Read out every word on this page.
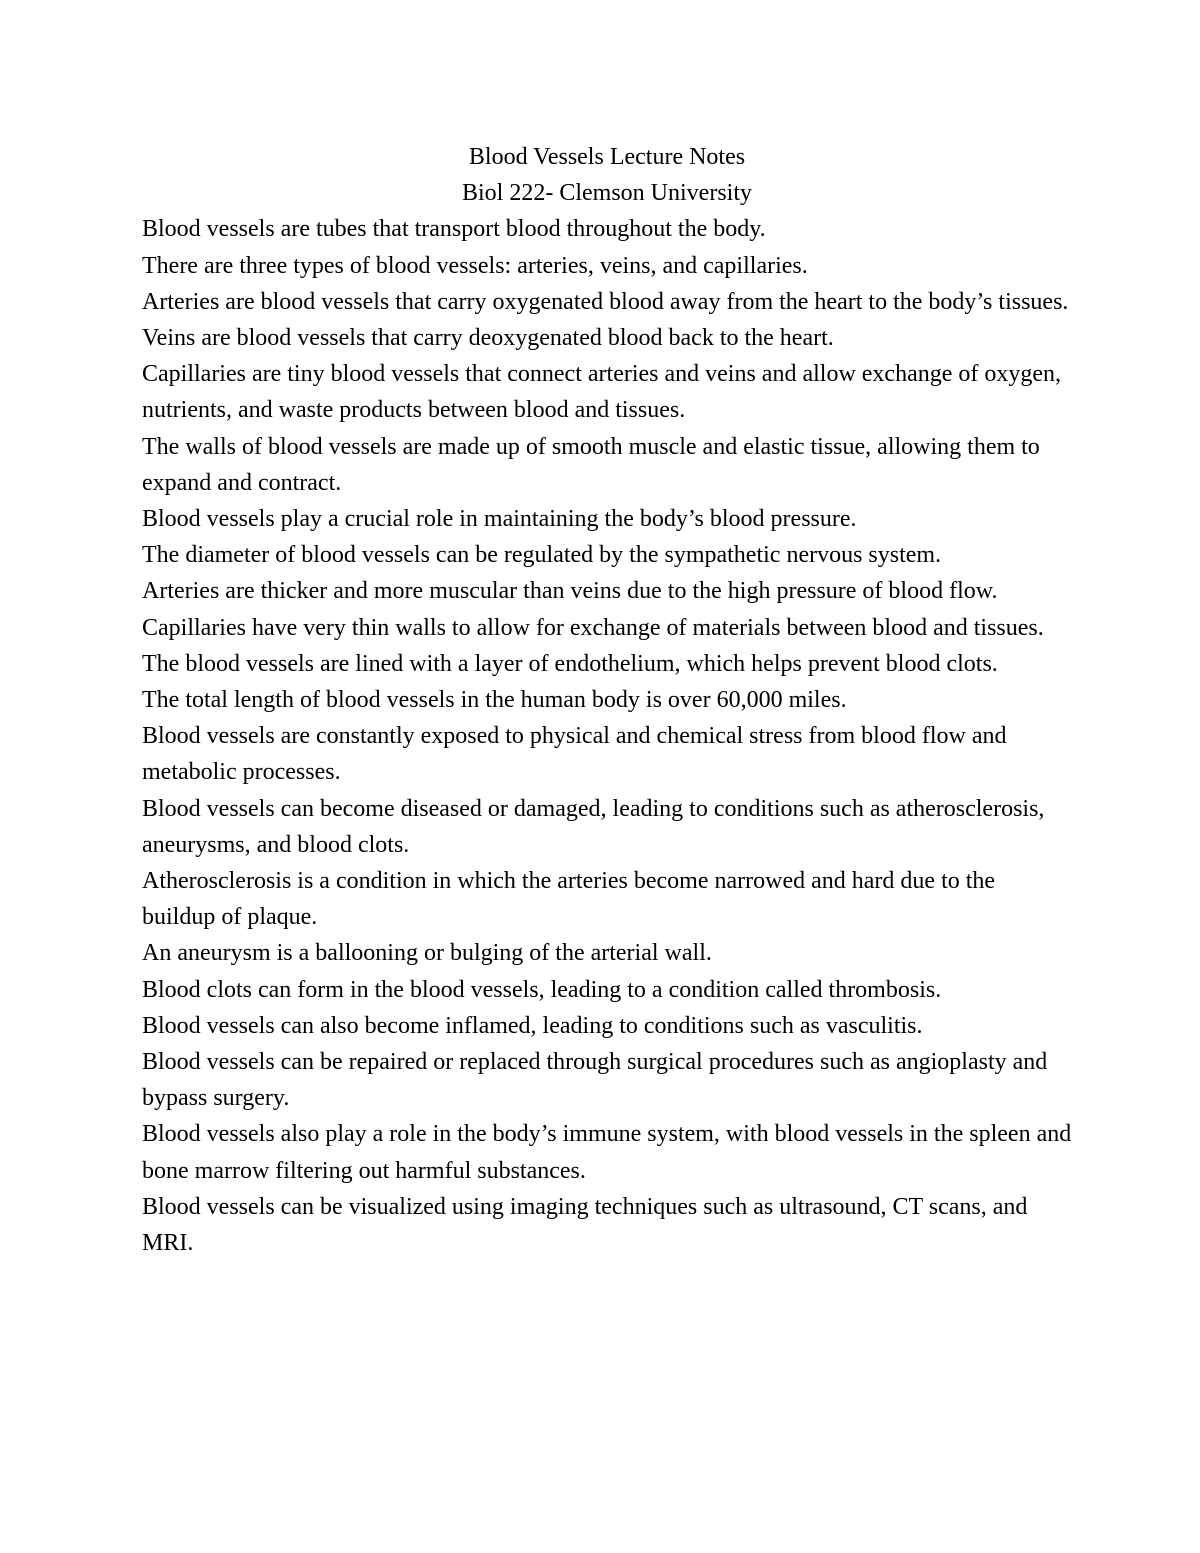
Blood Vessels Lecture Notes

Biol 222- Clemson University

Blood vessels are tubes that transport blood throughout the body.

There are three types of blood vessels: arteries, veins, and capillaries.

Arteries are blood vessels that carry oxygenated blood away from the heart to the body’s tissues.

Veins are blood vessels that carry deoxygenated blood back to the heart.

Capillaries are tiny blood vessels that connect arteries and veins and allow exchange of oxygen, nutrients, and waste products between blood and tissues.

The walls of blood vessels are made up of smooth muscle and elastic tissue, allowing them to expand and contract.

Blood vessels play a crucial role in maintaining the body’s blood pressure.

The diameter of blood vessels can be regulated by the sympathetic nervous system.

Arteries are thicker and more muscular than veins due to the high pressure of blood flow.

Capillaries have very thin walls to allow for exchange of materials between blood and tissues.

The blood vessels are lined with a layer of endothelium, which helps prevent blood clots.

The total length of blood vessels in the human body is over 60,000 miles.

Blood vessels are constantly exposed to physical and chemical stress from blood flow and metabolic processes.

Blood vessels can become diseased or damaged, leading to conditions such as atherosclerosis, aneurysms, and blood clots.

Atherosclerosis is a condition in which the arteries become narrowed and hard due to the buildup of plaque.

An aneurysm is a ballooning or bulging of the arterial wall.

Blood clots can form in the blood vessels, leading to a condition called thrombosis.

Blood vessels can also become inflamed, leading to conditions such as vasculitis.

Blood vessels can be repaired or replaced through surgical procedures such as angioplasty and bypass surgery.

Blood vessels also play a role in the body’s immune system, with blood vessels in the spleen and bone marrow filtering out harmful substances.

Blood vessels can be visualized using imaging techniques such as ultrasound, CT scans, and MRI.
